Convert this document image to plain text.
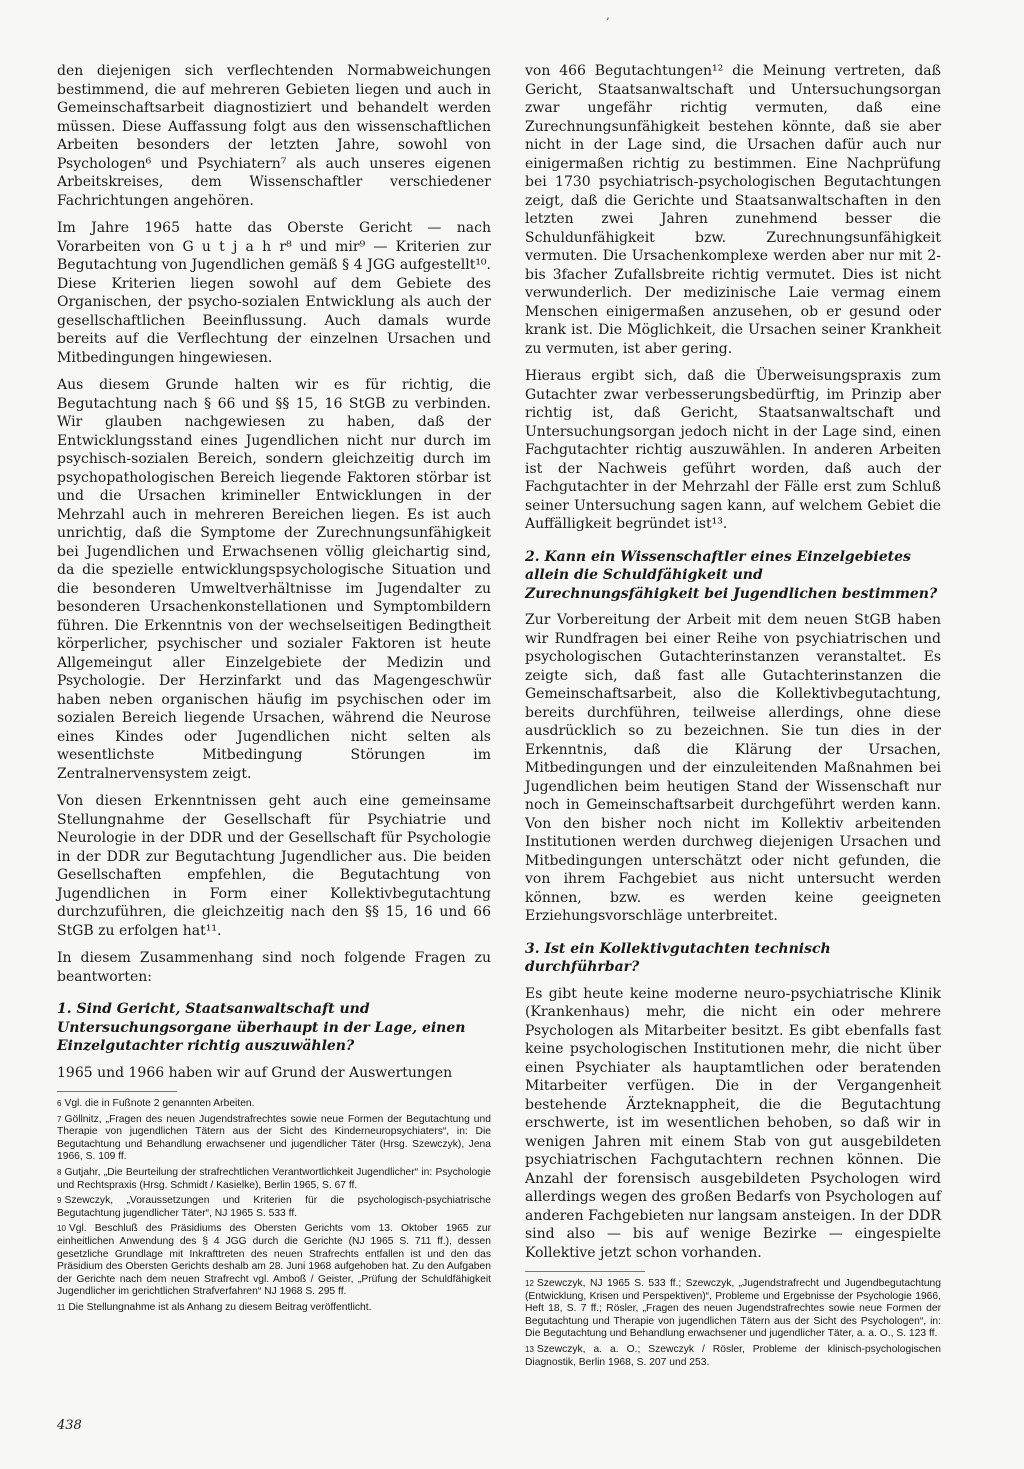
,

den diejenigen sich verflechtenden Normabweichungen bestimmend, die auf mehreren Gebieten liegen und auch in Gemeinschaftsarbeit diagnostiziert und behandelt werden müssen. Diese Auffassung folgt aus den wissenschaftlichen Arbeiten besonders der letzten Jahre, sowohl von Psychologen⁶ und Psychiatern⁷ als auch unseres eigenen Arbeitskreises, dem Wissenschaftler verschiedener Fachrichtungen angehören.

Im Jahre 1965 hatte das Oberste Gericht — nach Vorarbeiten von G u t j a h r⁸ und mir⁹ — Kriterien zur Begutachtung von Jugendlichen gemäß § 4 JGG aufgestellt¹⁰. Diese Kriterien liegen sowohl auf dem Gebiete des Organischen, der psycho-sozialen Entwicklung als auch der gesellschaftlichen Beeinflussung. Auch damals wurde bereits auf die Verflechtung der einzelnen Ursachen und Mitbedingungen hingewiesen.

Aus diesem Grunde halten wir es für richtig, die Begutachtung nach § 66 und §§ 15, 16 StGB zu verbinden. Wir glauben nachgewiesen zu haben, daß der Entwicklungsstand eines Jugendlichen nicht nur durch im psychisch-sozialen Bereich, sondern gleichzeitig durch im psychopathologischen Bereich liegende Faktoren störbar ist und die Ursachen krimineller Entwicklungen in der Mehrzahl auch in mehreren Bereichen liegen. Es ist auch unrichtig, daß die Symptome der Zurechnungsunfähigkeit bei Jugendlichen und Erwachsenen völlig gleichartig sind, da die spezielle entwicklungspsychologische Situation und die besonderen Umweltverhältnisse im Jugendalter zu besonderen Ursachenkonstellationen und Symptombildern führen. Die Erkenntnis von der wechselseitigen Bedingtheit körperlicher, psychischer und sozialer Faktoren ist heute Allgemeingut aller Einzelgebiete der Medizin und Psychologie. Der Herzinfarkt und das Magengeschwür haben neben organischen häufig im psychischen oder im sozialen Bereich liegende Ursachen, während die Neurose eines Kindes oder Jugendlichen nicht selten als wesentlichste Mitbedingung Störungen im Zentralnervensystem zeigt.

Von diesen Erkenntnissen geht auch eine gemeinsame Stellungnahme der Gesellschaft für Psychiatrie und Neurologie in der DDR und der Gesellschaft für Psychologie in der DDR zur Begutachtung Jugendlicher aus. Die beiden Gesellschaften empfehlen, die Begutachtung von Jugendlichen in Form einer Kollektivbegutachtung durchzuführen, die gleichzeitig nach den §§ 15, 16 und 66 StGB zu erfolgen hat¹¹.

In diesem Zusammenhang sind noch folgende Fragen zu beantworten:

1. Sind Gericht, Staatsanwaltschaft und Untersuchungsorgane überhaupt in der Lage, einen Einzelgutachter richtig auszuwählen?

1965 und 1966 haben wir auf Grund der Auswertungen

$^6$ Vgl. die in Fußnote 2 genannten Arbeiten.

$^7$ Göllnitz, „Fragen des neuen Jugendstrafrechtes sowie neue Formen der Begutachtung und Therapie von jugendlichen Tätern aus der Sicht des Kinderneuropsychiaters“, in: Die Begutachtung und Behandlung erwachsener und jugendlicher Täter (Hrsg. Szewczyk), Jena 1966, S. 109 ff.

$^8$ Gutjahr, „Die Beurteilung der strafrechtlichen Verantwortlichkeit Jugendlicher“ in: Psychologie und Rechtspraxis (Hrsg. Schmidt / Kasielke), Berlin 1965, S. 67 ff.

$^9$ Szewczyk, „Voraussetzungen und Kriterien für die psychologisch-psychiatrische Begutachtung jugendlicher Täter“, NJ 1965 S. 533 ff.

$^{10}$ Vgl. Beschluß des Präsidiums des Obersten Gerichts vom 13. Oktober 1965 zur einheitlichen Anwendung des § 4 JGG durch die Gerichte (NJ 1965 S. 711 ff.), dessen gesetzliche Grundlage mit Inkrafttreten des neuen Strafrechts entfallen ist und den das Präsidium des Obersten Gerichts deshalb am 28. Juni 1968 aufgehoben hat. Zu den Aufgaben der Gerichte nach dem neuen Strafrecht vgl. Amboß / Geister, „Prüfung der Schuldfähigkeit Jugendlicher im gerichtlichen Strafverfahren“ NJ 1968 S. 295 ff.

$^{11}$ Die Stellungnahme ist als Anhang zu diesem Beitrag veröffentlicht.

von 466 Begutachtungen¹² die Meinung vertreten, daß Gericht, Staatsanwaltschaft und Untersuchungsorgan zwar ungefähr richtig vermuten, daß eine Zurechnungsunfähigkeit bestehen könnte, daß sie aber nicht in der Lage sind, die Ursachen dafür auch nur einigermaßen richtig zu bestimmen. Eine Nachprüfung bei 1730 psychiatrisch-psychologischen Begutachtungen zeigt, daß die Gerichte und Staatsanwaltschaften in den letzten zwei Jahren zunehmend besser die Schuldunfähigkeit bzw. Zurechnungsunfähigkeit vermuten. Die Ursachenkomplexe werden aber nur mit 2- bis 3facher Zufallsbreite richtig vermutet. Dies ist nicht verwunderlich. Der medizinische Laie vermag einem Menschen einigermaßen anzusehen, ob er gesund oder krank ist. Die Möglichkeit, die Ursachen seiner Krankheit zu vermuten, ist aber gering.

Hieraus ergibt sich, daß die Überweisungspraxis zum Gutachter zwar verbesserungsbedürftig, im Prinzip aber richtig ist, daß Gericht, Staatsanwaltschaft und Untersuchungsorgan jedoch nicht in der Lage sind, einen Fachgutachter richtig auszuwählen. In anderen Arbeiten ist der Nachweis geführt worden, daß auch der Fachgutachter in der Mehrzahl der Fälle erst zum Schluß seiner Untersuchung sagen kann, auf welchem Gebiet die Auffälligkeit begründet ist¹³.

2. Kann ein Wissenschaftler eines Einzelgebietes allein die Schuldfähigkeit und Zurechnungsfähigkeit bei Jugendlichen bestimmen?

Zur Vorbereitung der Arbeit mit dem neuen StGB haben wir Rundfragen bei einer Reihe von psychiatrischen und psychologischen Gutachterinstanzen veranstaltet. Es zeigte sich, daß fast alle Gutachterinstanzen die Gemeinschaftsarbeit, also die Kollektivbegutachtung, bereits durchführen, teilweise allerdings, ohne diese ausdrücklich so zu bezeichnen. Sie tun dies in der Erkenntnis, daß die Klärung der Ursachen, Mitbedingungen und der einzuleitenden Maßnahmen bei Jugendlichen beim heutigen Stand der Wissenschaft nur noch in Gemeinschaftsarbeit durchgeführt werden kann. Von den bisher noch nicht im Kollektiv arbeitenden Institutionen werden durchweg diejenigen Ursachen und Mitbedingungen unterschätzt oder nicht gefunden, die von ihrem Fachgebiet aus nicht untersucht werden können, bzw. es werden keine geeigneten Erziehungsvorschläge unterbreitet.

3. Ist ein Kollektivgutachten technisch durchführbar?

Es gibt heute keine moderne neuro-psychiatrische Klinik (Krankenhaus) mehr, die nicht ein oder mehrere Psychologen als Mitarbeiter besitzt. Es gibt ebenfalls fast keine psychologischen Institutionen mehr, die nicht über einen Psychiater als hauptamtlichen oder beratenden Mitarbeiter verfügen. Die in der Vergangenheit bestehende Ärzteknappheit, die die Begutachtung erschwerte, ist im wesentlichen behoben, so daß wir in wenigen Jahren mit einem Stab von gut ausgebildeten psychiatrischen Fachgutachtern rechnen können. Die Anzahl der forensisch ausgebildeten Psychologen wird allerdings wegen des großen Bedarfs von Psychologen auf anderen Fachgebieten nur langsam ansteigen. In der DDR sind also — bis auf wenige Bezirke — eingespielte Kollektive jetzt schon vorhanden.

$^{12}$ Szewczyk, NJ 1965 S. 533 ff.; Szewczyk, „Jugendstrafrecht und Jugendbegutachtung (Entwicklung, Krisen und Perspektiven)“, Probleme und Ergebnisse der Psychologie 1966, Heft 18, S. 7 ff.; Rösler, „Fragen des neuen Jugendstrafrechtes sowie neue Formen der Begutachtung und Therapie von jugendlichen Tätern aus der Sicht des Psychologen“, in: Die Begutachtung und Behandlung erwachsener und jugendlicher Täter, a. a. O., S. 123 ff.

$^{13}$ Szewczyk, a. a. O.; Szewczyk / Rösler, Probleme der klinisch-psychologischen Diagnostik, Berlin 1968, S. 207 und 253.

438
